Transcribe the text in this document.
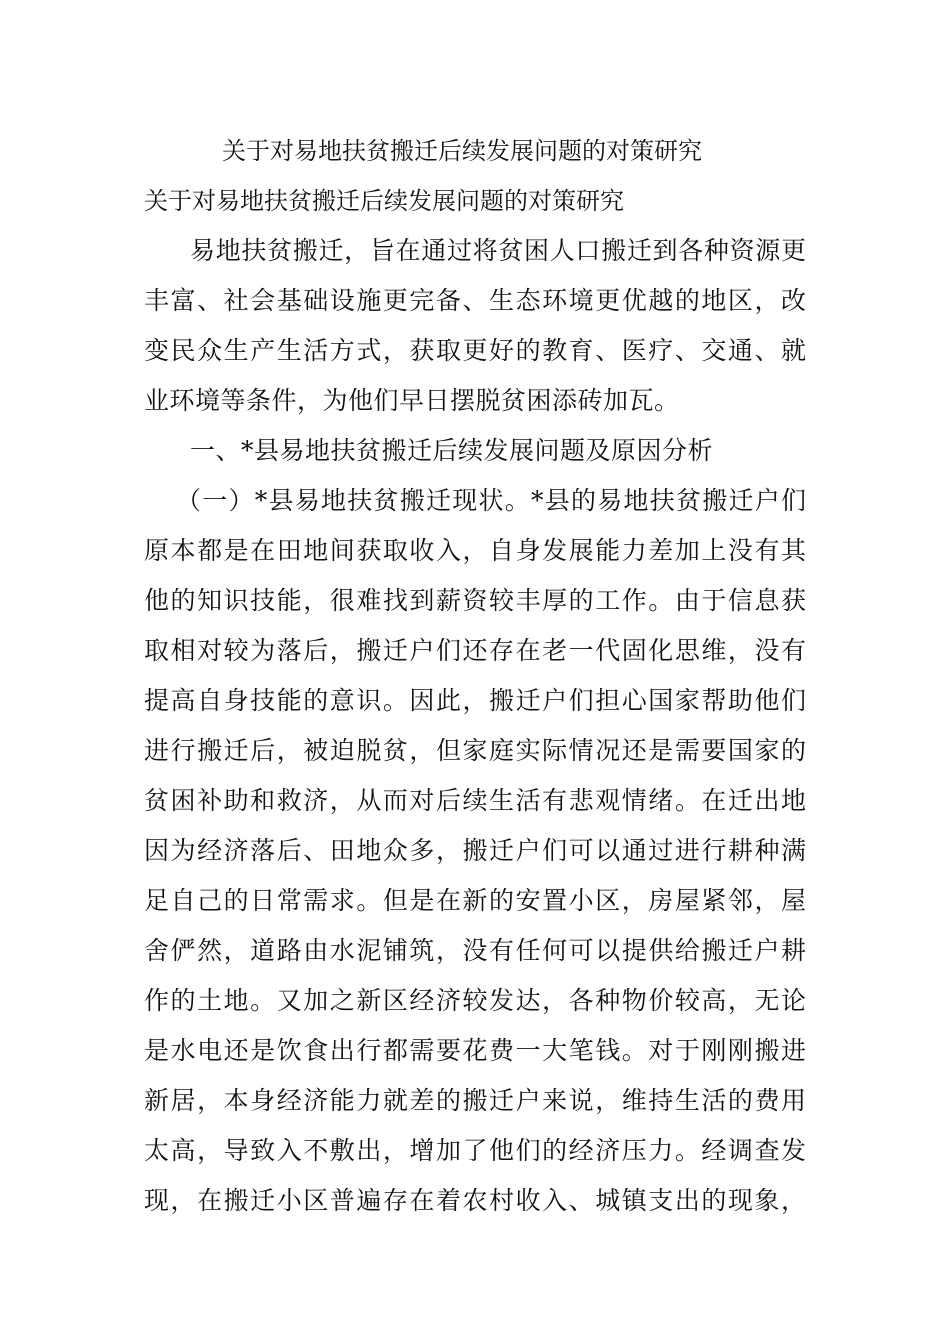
关于对易地扶贫搬迁后续发展问题的对策研究
关于对易地扶贫搬迁后续发展问题的对策研究
易地扶贫搬迁，旨在通过将贫困人口搬迁到各种资源更
丰富、社会基础设施更完备、生态环境更优越的地区，改
变民众生产生活方式，获取更好的教育、医疗、交通、就
业环境等条件，为他们早日摆脱贫困添砖加瓦。
一、*县易地扶贫搬迁后续发展问题及原因分析
（一）*县易地扶贫搬迁现状。*县的易地扶贫搬迁户们
原本都是在田地间获取收入，自身发展能力差加上没有其
他的知识技能，很难找到薪资较丰厚的工作。由于信息获
取相对较为落后，搬迁户们还存在老一代固化思维，没有
提高自身技能的意识。因此，搬迁户们担心国家帮助他们
进行搬迁后，被迫脱贫，但家庭实际情况还是需要国家的
贫困补助和救济，从而对后续生活有悲观情绪。在迁出地
因为经济落后、田地众多，搬迁户们可以通过进行耕种满
足自己的日常需求。但是在新的安置小区，房屋紧邻，屋
舍俨然，道路由水泥铺筑，没有任何可以提供给搬迁户耕
作的土地。又加之新区经济较发达，各种物价较高，无论
是水电还是饮食出行都需要花费一大笔钱。对于刚刚搬进
新居，本身经济能力就差的搬迁户来说，维持生活的费用
太高，导致入不敷出，增加了他们的经济压力。经调查发
现，在搬迁小区普遍存在着农村收入、城镇支出的现象，
